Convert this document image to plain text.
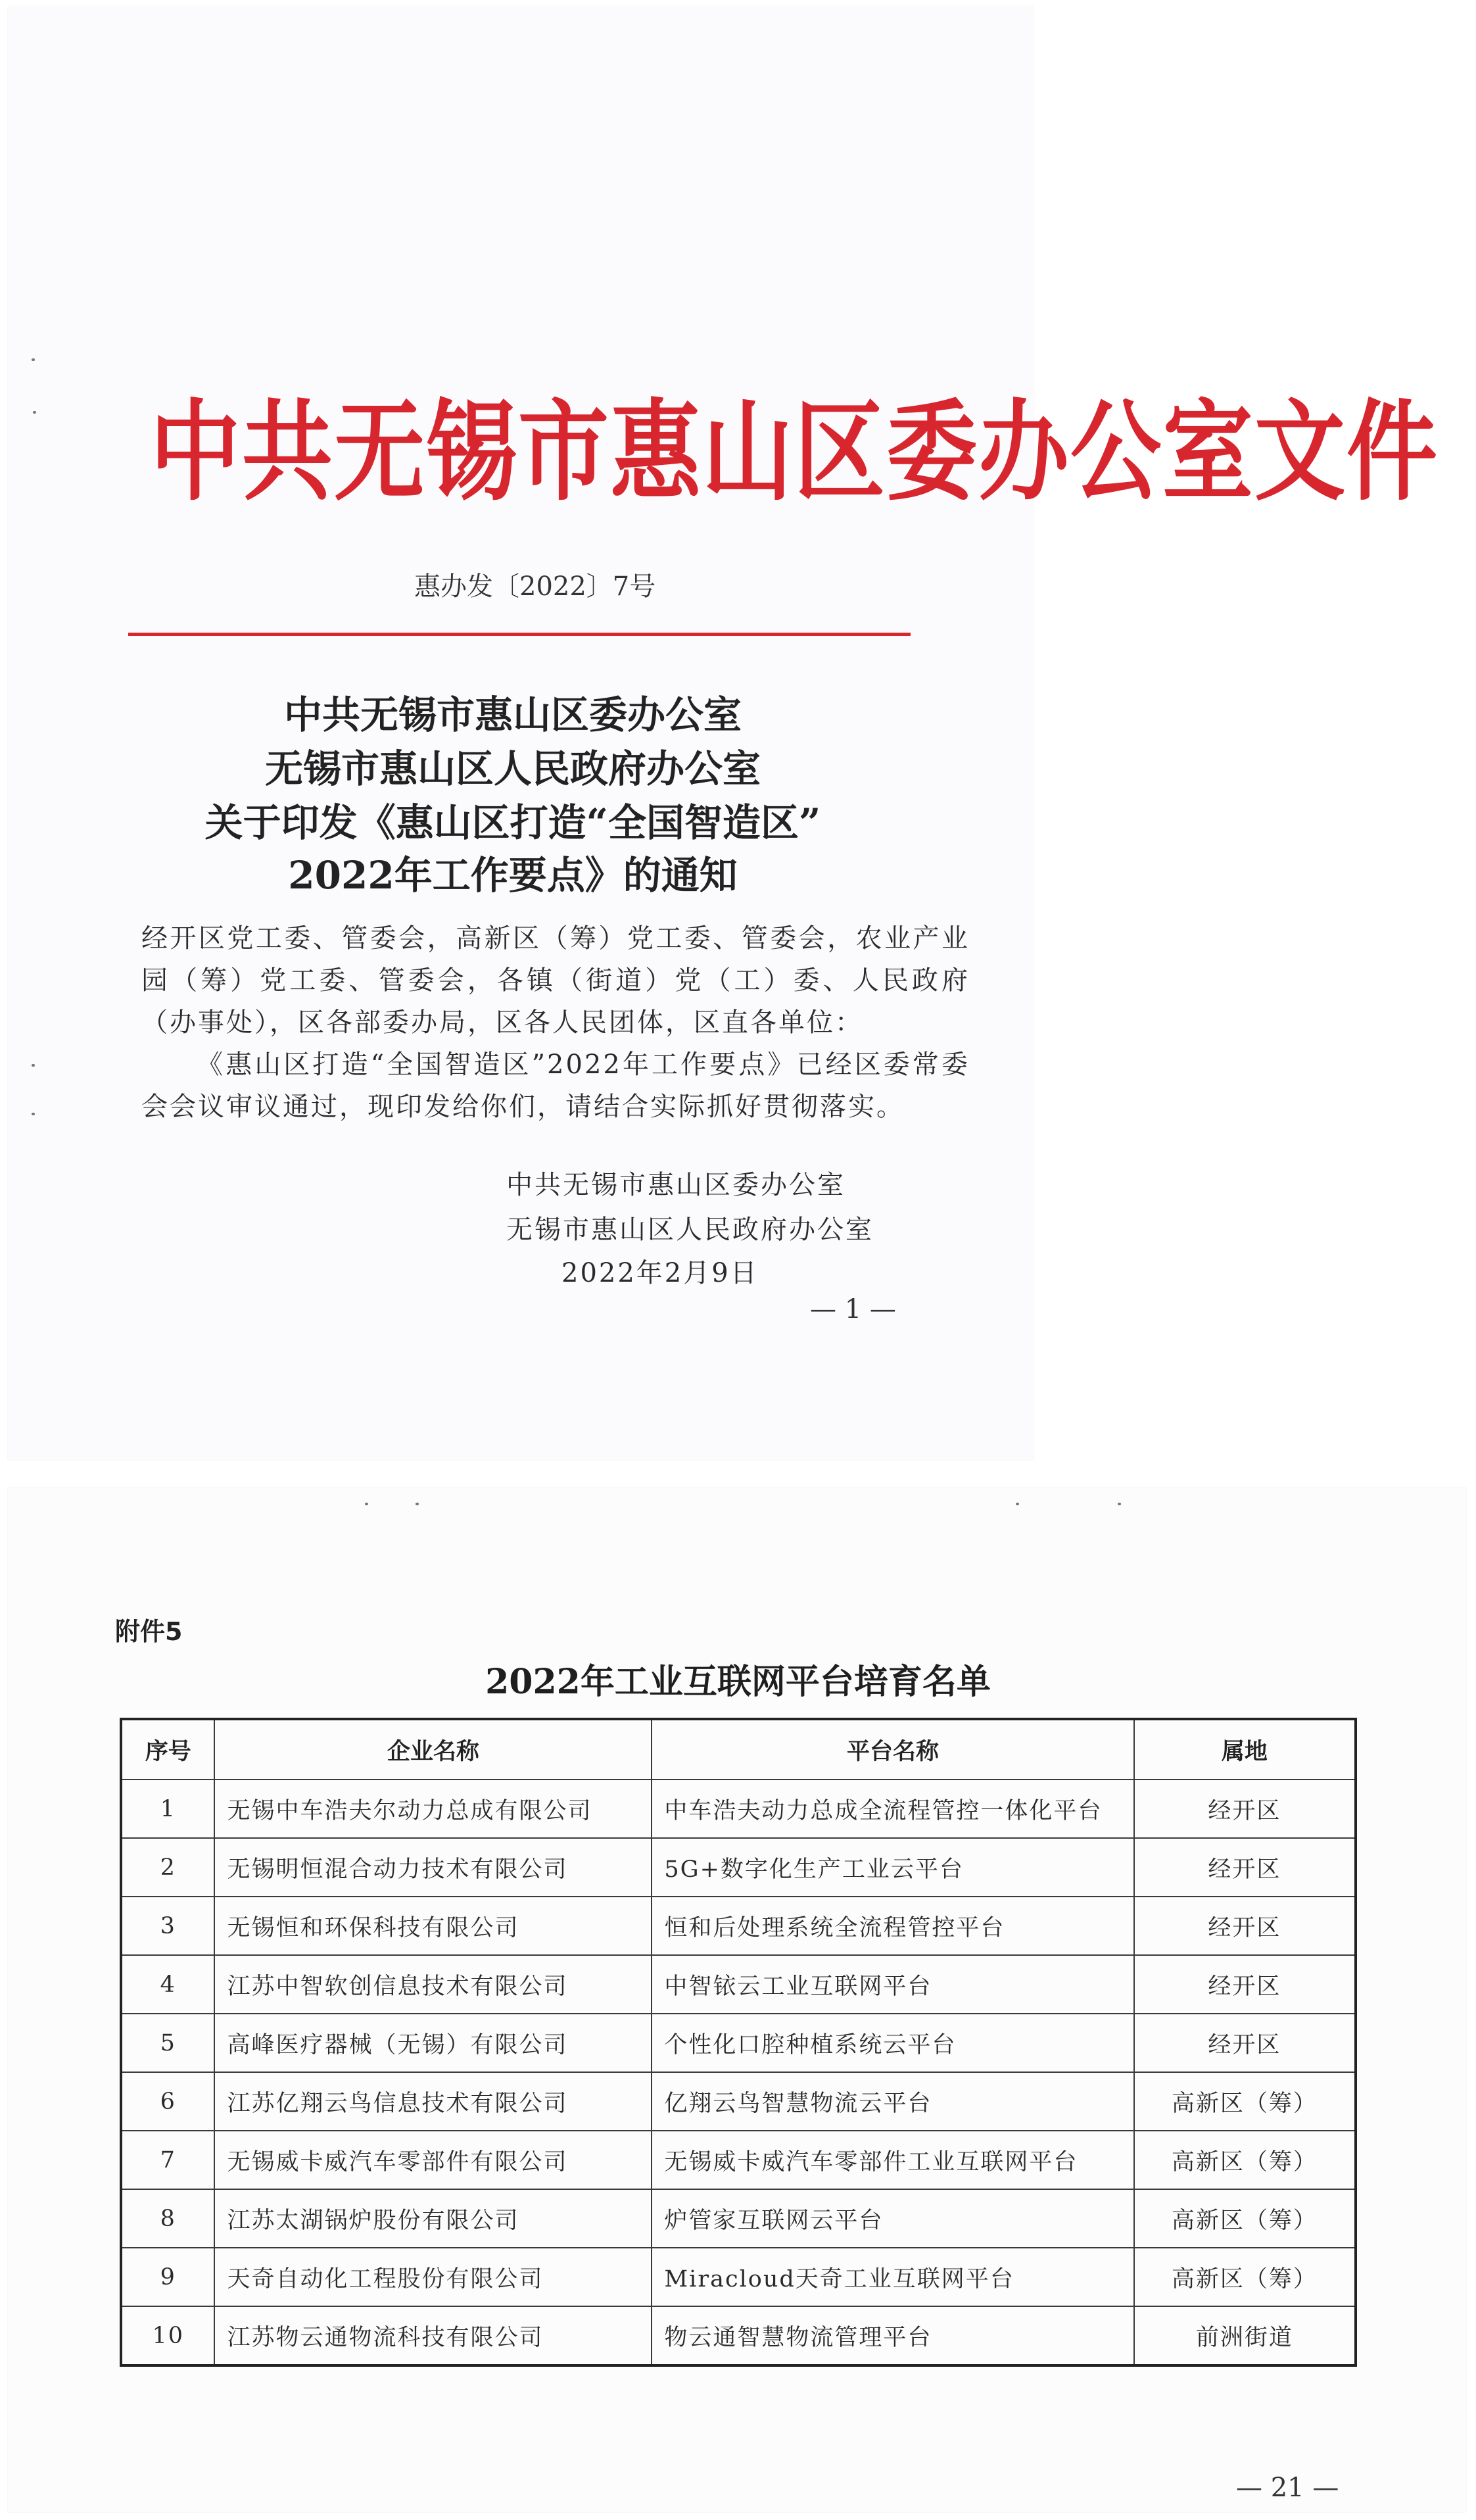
中共无锡市惠山区委办公室文件
惠办发〔2022〕7号
中共无锡市惠山区委办公室
无锡市惠山区人民政府办公室
关于印发《惠山区打造“全国智造区”
2022年工作要点》的通知

经开区党工委、管委会，高新区（筹）党工委、管委会，农业产业园（筹）党工委、管委会，各镇（街道）党（工）委、人民政府（办事处），区各部委办局，区各人民团体，区直各单位：

《惠山区打造“全国智造区”2022年工作要点》已经区委常委会会议审议通过，现印发给你们，请结合实际抓好贯彻落实。

中共无锡市惠山区委办公室
无锡市惠山区人民政府办公室
2022年2月9日
— 1 —
附件5
2022年工业互联网平台培育名单
序号	企业名称	平台名称	属地
1	无锡中车浩夫尔动力总成有限公司	中车浩夫动力总成全流程管控一体化平台	经开区
2	无锡明恒混合动力技术有限公司	5G+数字化生产工业云平台	经开区
3	无锡恒和环保科技有限公司	恒和后处理系统全流程管控平台	经开区
4	江苏中智软创信息技术有限公司	中智铱云工业互联网平台	经开区
5	高峰医疗器械（无锡）有限公司	个性化口腔种植系统云平台	经开区
6	江苏亿翔云鸟信息技术有限公司	亿翔云鸟智慧物流云平台	高新区（筹）
7	无锡威卡威汽车零部件有限公司	无锡威卡威汽车零部件工业互联网平台	高新区（筹）
8	江苏太湖锅炉股份有限公司	炉管家互联网云平台	高新区（筹）
9	天奇自动化工程股份有限公司	Miracloud天奇工业互联网平台	高新区（筹）
10	江苏物云通物流科技有限公司	物云通智慧物流管理平台	前洲街道
— 21 —
